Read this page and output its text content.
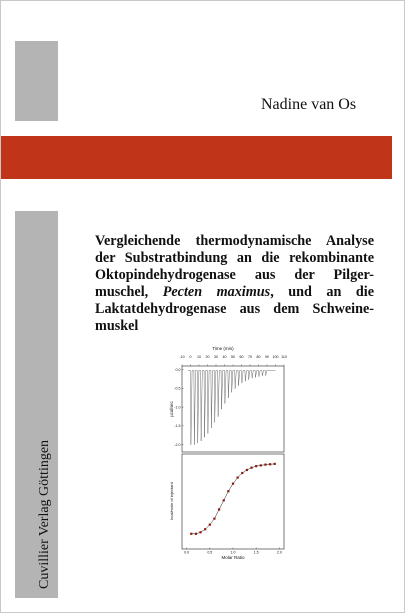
Nadine van Os
Vergleichende thermodynamische Analyse der Substratbindung an die rekombinante Oktopindehydrogenase aus der Pilger-muschel, Pecten maximus, und an die Laktatdehydrogenase aus dem Schweine-muskel
Cuvillier Verlag Göttingen
Time (min)
-10 0 10 20 30 40 50 60 70 80 90 100 110
0.0
-0.5
-1.0
-1.5
-2.0
µcal/sec
0.0	0.5	1.0	1.5	2.0
Molar Ratio
kcal/mole of injectant
